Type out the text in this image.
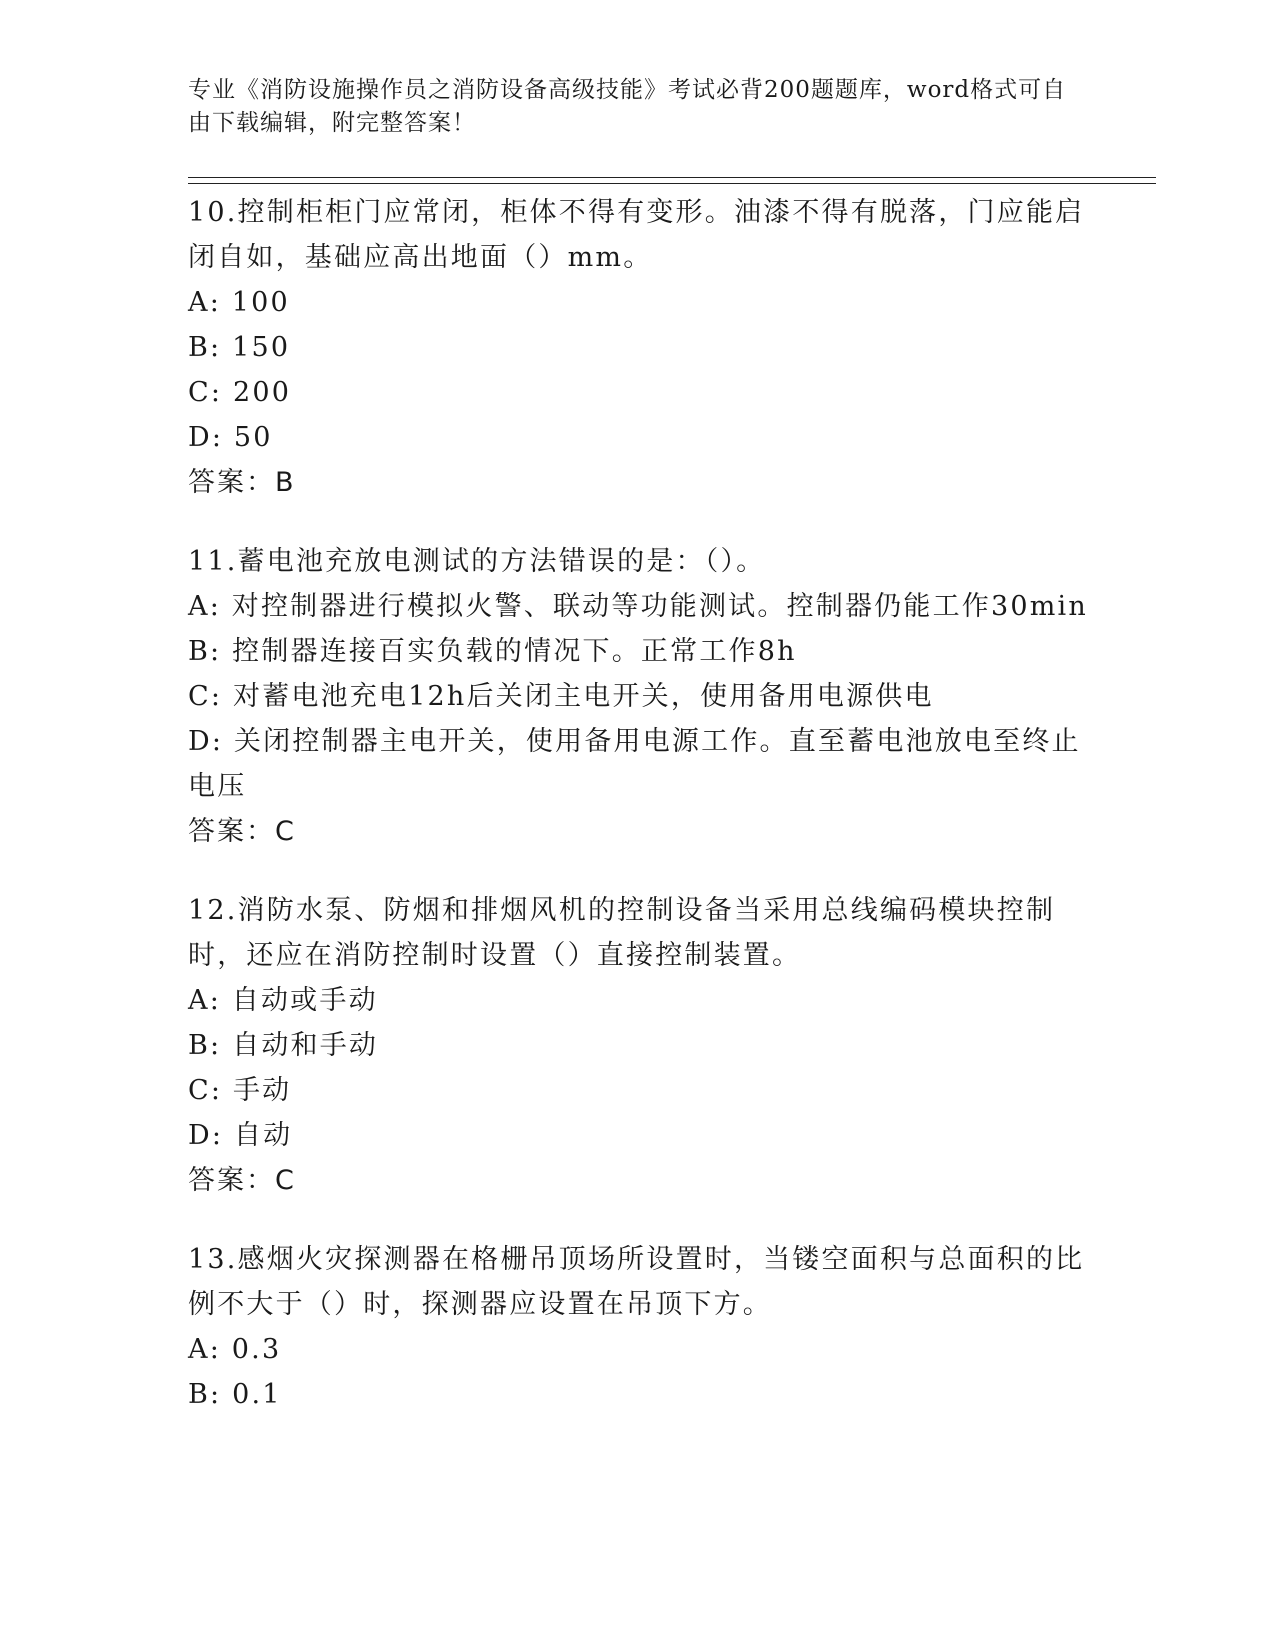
专业《消防设施操作员之消防设备高级技能》考试必背200题题库，word格式可自由下载编辑，附完整答案！

10.控制柜柜门应常闭，柜体不得有变形。油漆不得有脱落，门应能启闭自如，基础应高出地面（）mm。

A: 100

B: 150

C: 200

D: 50

答案：B

11.蓄电池充放电测试的方法错误的是：（）。

A: 对控制器进行模拟火警、联动等功能测试。控制器仍能工作30min

B: 控制器连接百实负载的情况下。正常工作8h

C: 对蓄电池充电12h后关闭主电开关，使用备用电源供电

D: 关闭控制器主电开关，使用备用电源工作。直至蓄电池放电至终止电压

答案：C

12.消防水泵、防烟和排烟风机的控制设备当采用总线编码模块控制时，还应在消防控制时设置（）直接控制装置。

A: 自动或手动

B: 自动和手动

C: 手动

D: 自动

答案：C

13.感烟火灾探测器在格栅吊顶场所设置时，当镂空面积与总面积的比例不大于（）时，探测器应设置在吊顶下方。

A: 0.3

B: 0.1
